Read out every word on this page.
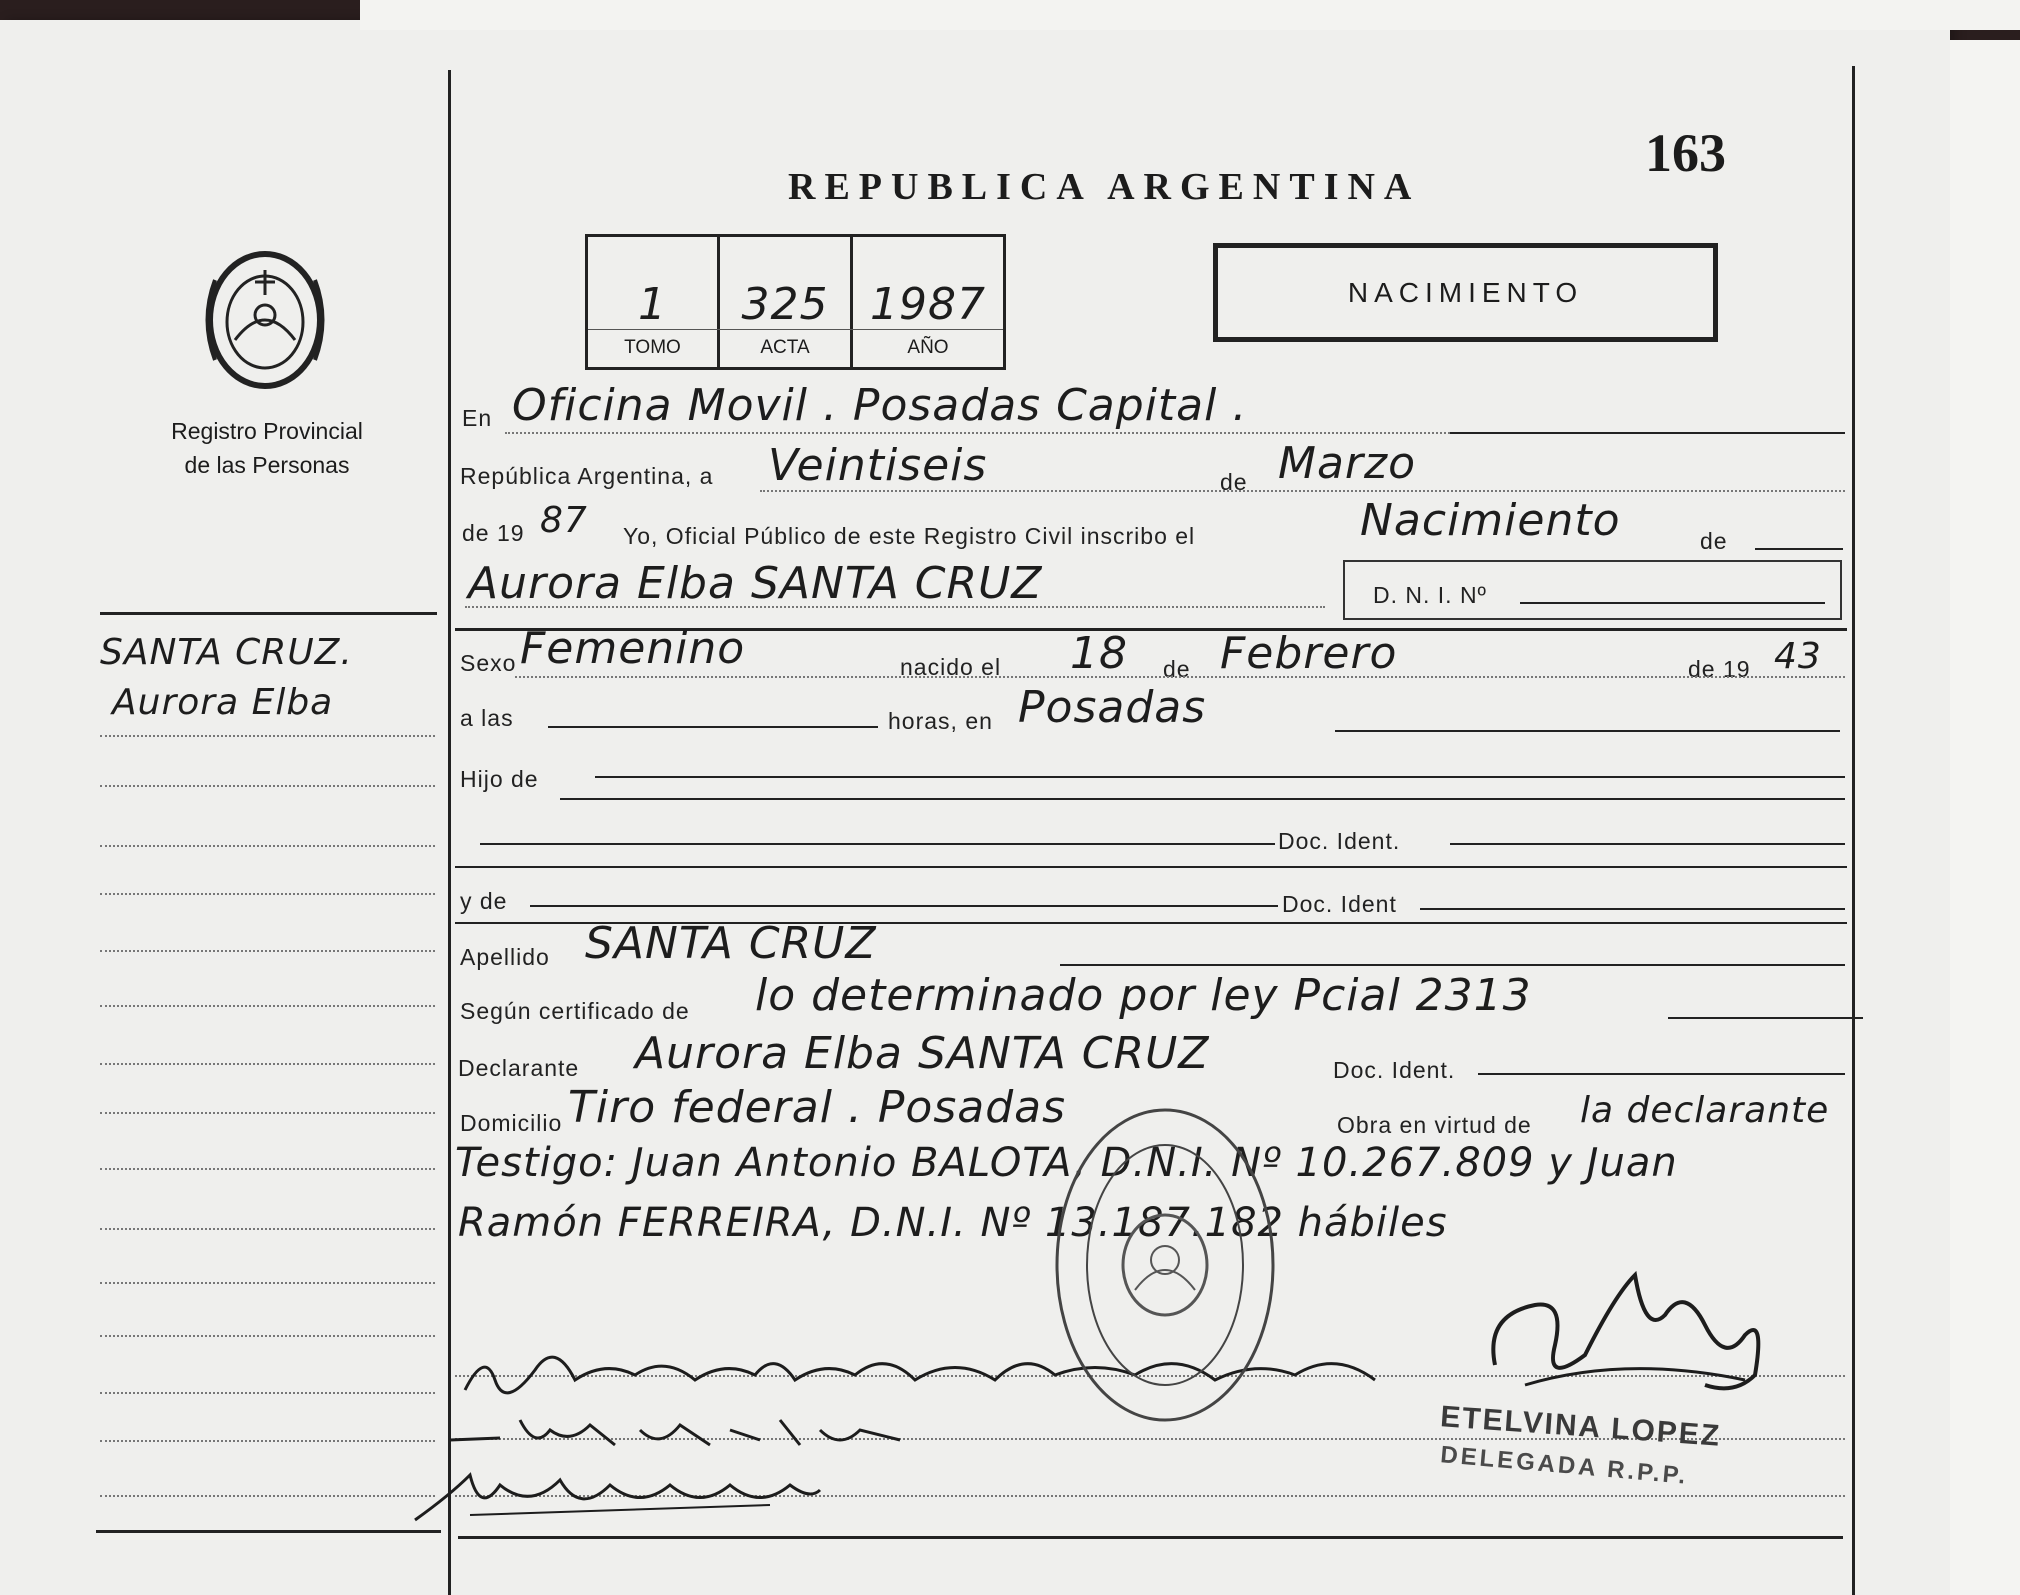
163
REPUBLICA ARGENTINA
Registro Provincial
de las Personas
1	325 1987
TOMO	ACTA	AÑO
NACIMIENTO
SANTA CRUZ.
Aurora Elba
En Oficina Movil . Posadas Capital .
República Argentina, a Veintiseis	de Marzo
de 19 87 Yo, Oficial Público de este Registro Civil inscribo el	Nacimiento	de
Aurora Elba SANTA CRUZ	D. N. I. Nº
Sexo Femenino	nacido el 18 de Febrero	de 19 43
a las	horas, en Posadas
Hijo de
Doc. Ident.
y de	Doc. Ident
Apellido SANTA CRUZ
Según certificado de lo determinado por ley Pcial 2313
Declarante Aurora Elba SANTA CRUZ	Doc. Ident.
Domicilio Tiro federal . Posadas	Obra en virtud de la declarante
Testigo: Juan Antonio BALOTA, D.N.I. Nº 10.267.809 y Juan
Ramón FERREIRA, D.N.I. Nº 13.187.182 hábiles
ETELVINA LOPEZ
DELEGADA R.P.P.
